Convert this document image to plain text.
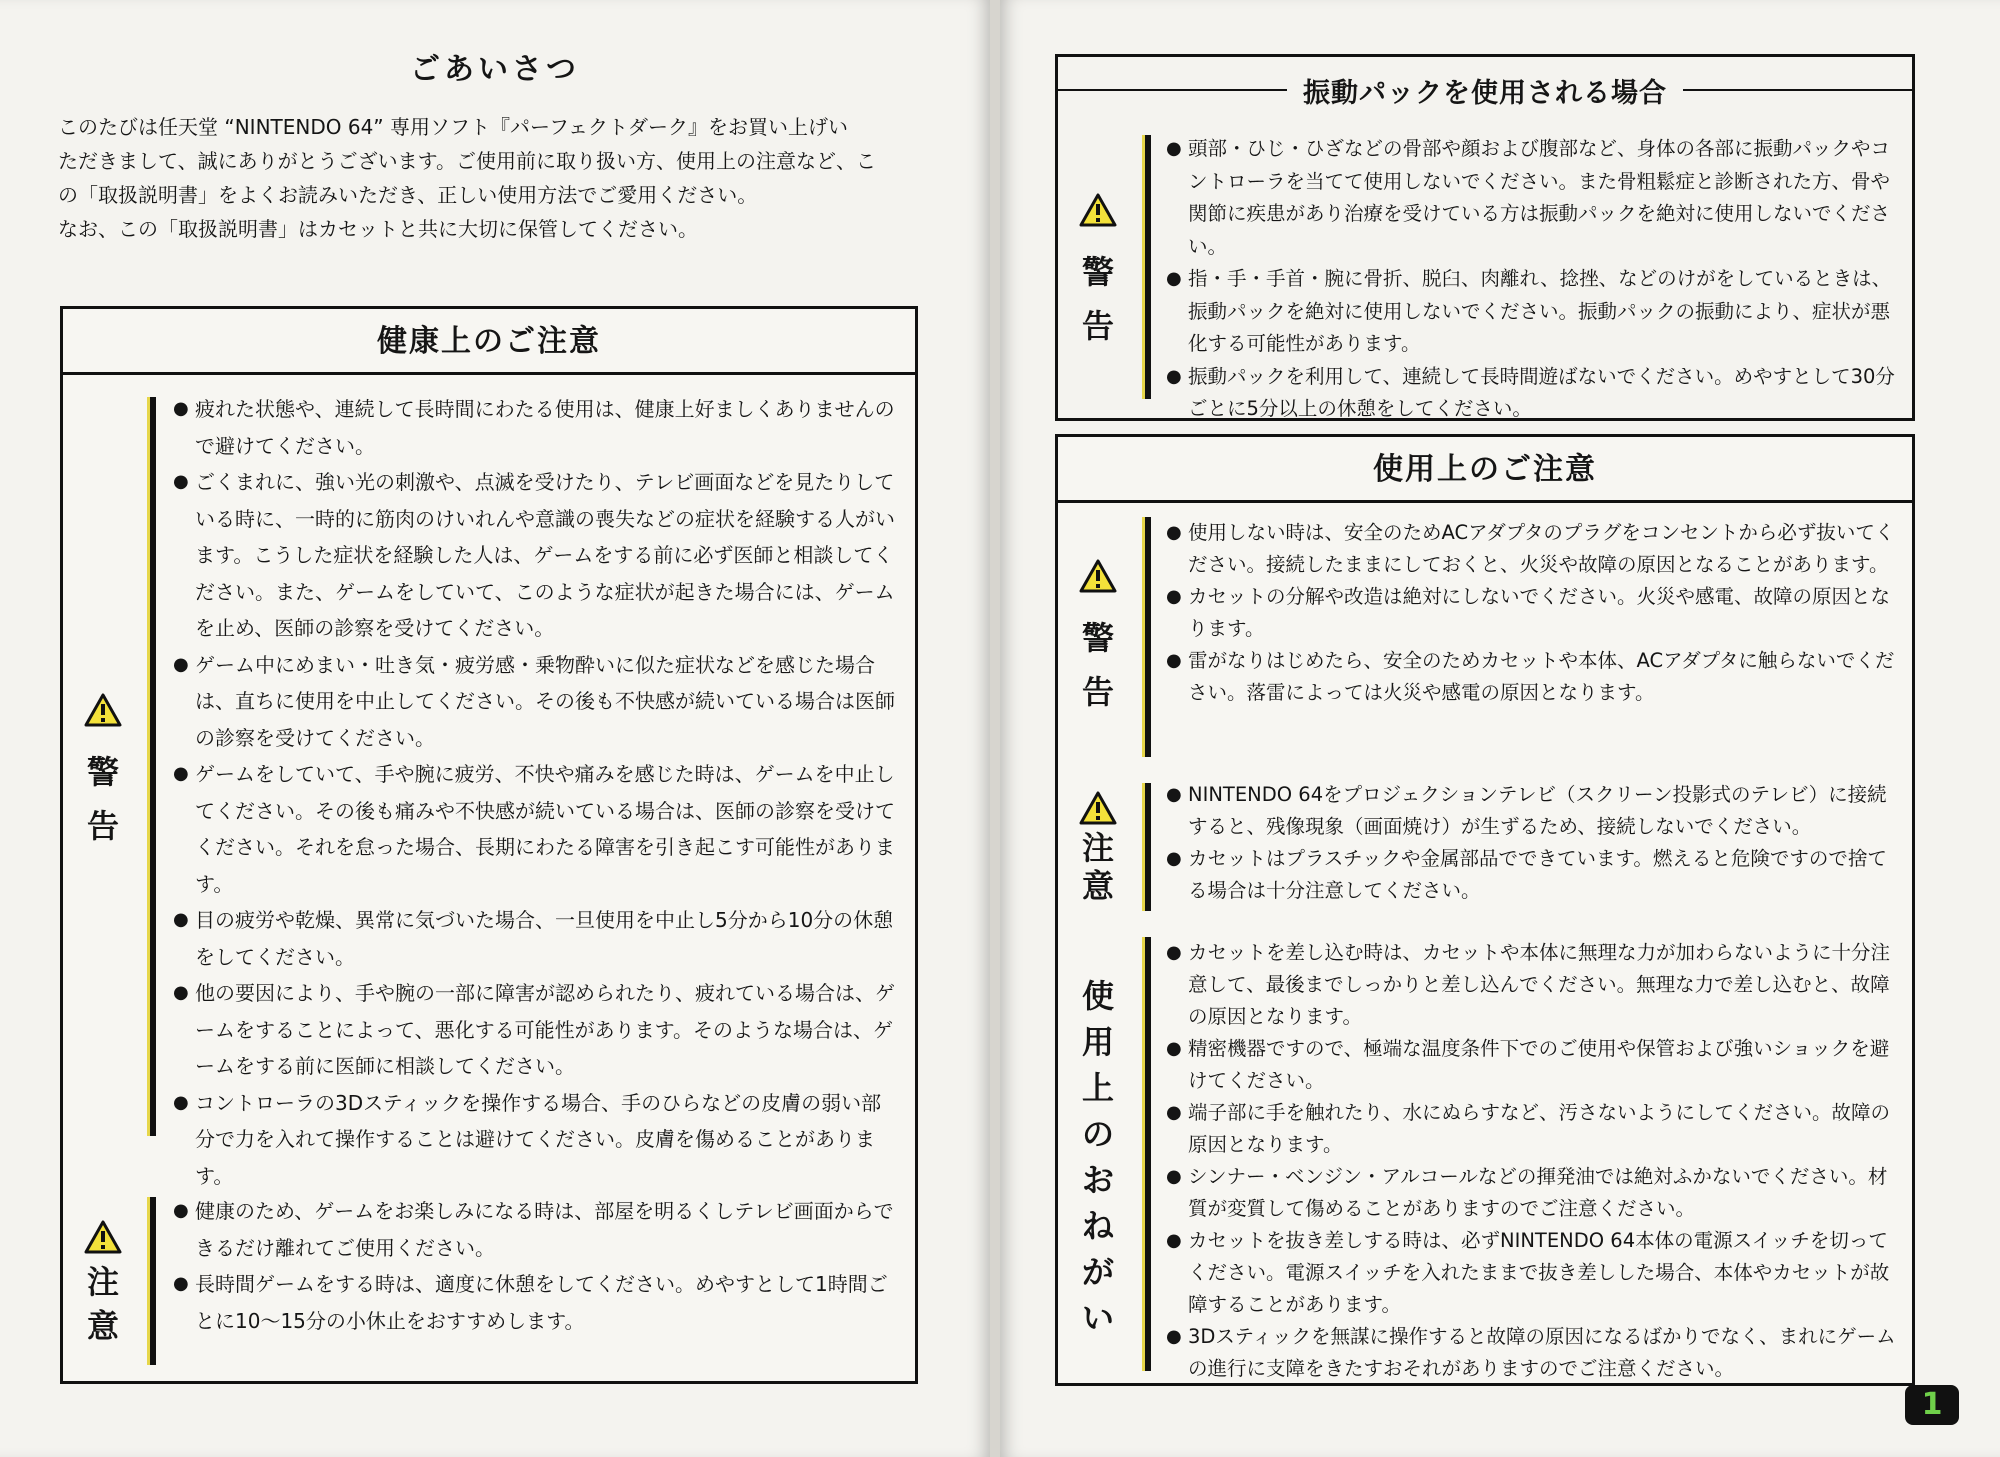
ごあいさつ

このたびは任天堂 “NINTENDO 64” 専用ソフト『パーフェクトダーク』をお買い上げい

ただきまして、誠にありがとうございます。ご使用前に取り扱い方、使用上の注意など、こ

の「取扱説明書」をよくお読みいただき、正しい使用方法でご愛用ください。

なお、この「取扱説明書」はカセットと共に大切に保管してください。

健康上のご注意
警告
● 疲れた状態や、連続して長時間にわたる使用は、健康上好ましくありませんので避けてください。
● ごくまれに、強い光の刺激や、点滅を受けたり、テレビ画面などを見たりしている時に、一時的に筋肉のけいれんや意識の喪失などの症状を経験する人がいます。こうした症状を経験した人は、ゲームをする前に必ず医師と相談してください。また、ゲームをしていて、このような症状が起きた場合には、ゲームを止め、医師の診察を受けてください。
● ゲーム中にめまい・吐き気・疲労感・乗物酔いに似た症状などを感じた場合は、直ちに使用を中止してください。その後も不快感が続いている場合は医師の診察を受けてください。
● ゲームをしていて、手や腕に疲労、不快や痛みを感じた時は、ゲームを中止してください。その後も痛みや不快感が続いている場合は、医師の診察を受けてください。それを怠った場合、長期にわたる障害を引き起こす可能性があります。
● 目の疲労や乾燥、異常に気づいた場合、一旦使用を中止し5分から10分の休憩をしてください。
● 他の要因により、手や腕の一部に障害が認められたり、疲れている場合は、ゲームをすることによって、悪化する可能性があります。そのような場合は、ゲームをする前に医師に相談してください。
● コントローラの3Dスティックを操作する場合、手のひらなどの皮膚の弱い部分で力を入れて操作することは避けてください。皮膚を傷めることがあります。
注意
● 健康のため、ゲームをお楽しみになる時は、部屋を明るくしテレビ画面からできるだけ離れてご使用ください。
● 長時間ゲームをする時は、適度に休憩をしてください。めやすとして1時間ごとに10～15分の小休止をおすすめします。
警告
● 頭部・ひじ・ひざなどの骨部や顔および腹部など、身体の各部に振動パックやコントローラを当てて使用しないでください。また骨粗鬆症と診断された方、骨や関節に疾患があり治療を受けている方は振動パックを絶対に使用しないでください。
● 指・手・手首・腕に骨折、脱臼、肉離れ、捻挫、などのけがをしているときは、振動パックを絶対に使用しないでください。振動パックの振動により、症状が悪化する可能性があります。
● 振動パックを利用して、連続して長時間遊ばないでください。めやすとして30分ごとに5分以上の休憩をしてください。
振動パックを使用される場合
使用上のご注意
警告
● 使用しない時は、安全のためACアダプタのプラグをコンセントから必ず抜いてください。接続したままにしておくと、火災や故障の原因となることがあります。
● カセットの分解や改造は絶対にしないでください。火災や感電、故障の原因となります。
● 雷がなりはじめたら、安全のためカセットや本体、ACアダプタに触らないでください。落雷によっては火災や感電の原因となります。
注意
● NINTENDO 64をプロジェクションテレビ（スクリーン投影式のテレビ）に接続すると、残像現象（画面焼け）が生ずるため、接続しないでください。
● カセットはプラスチックや金属部品でできています。燃えると危険ですので捨てる場合は十分注意してください。
使用上のおねがい
● カセットを差し込む時は、カセットや本体に無理な力が加わらないように十分注意して、最後までしっかりと差し込んでください。無理な力で差し込むと、故障の原因となります。
● 精密機器ですので、極端な温度条件下でのご使用や保管および強いショックを避けてください。
● 端子部に手を触れたり、水にぬらすなど、汚さないようにしてください。故障の原因となります。
● シンナー・ベンジン・アルコールなどの揮発油では絶対ふかないでください。材質が変質して傷めることがありますのでご注意ください。
● カセットを抜き差しする時は、必ずNINTENDO 64本体の電源スイッチを切ってください。電源スイッチを入れたままで抜き差しした場合、本体やカセットが故障することがあります。
● 3Dスティックを無謀に操作すると故障の原因になるばかりでなく、まれにゲームの進行に支障をきたすおそれがありますのでご注意ください。
1
